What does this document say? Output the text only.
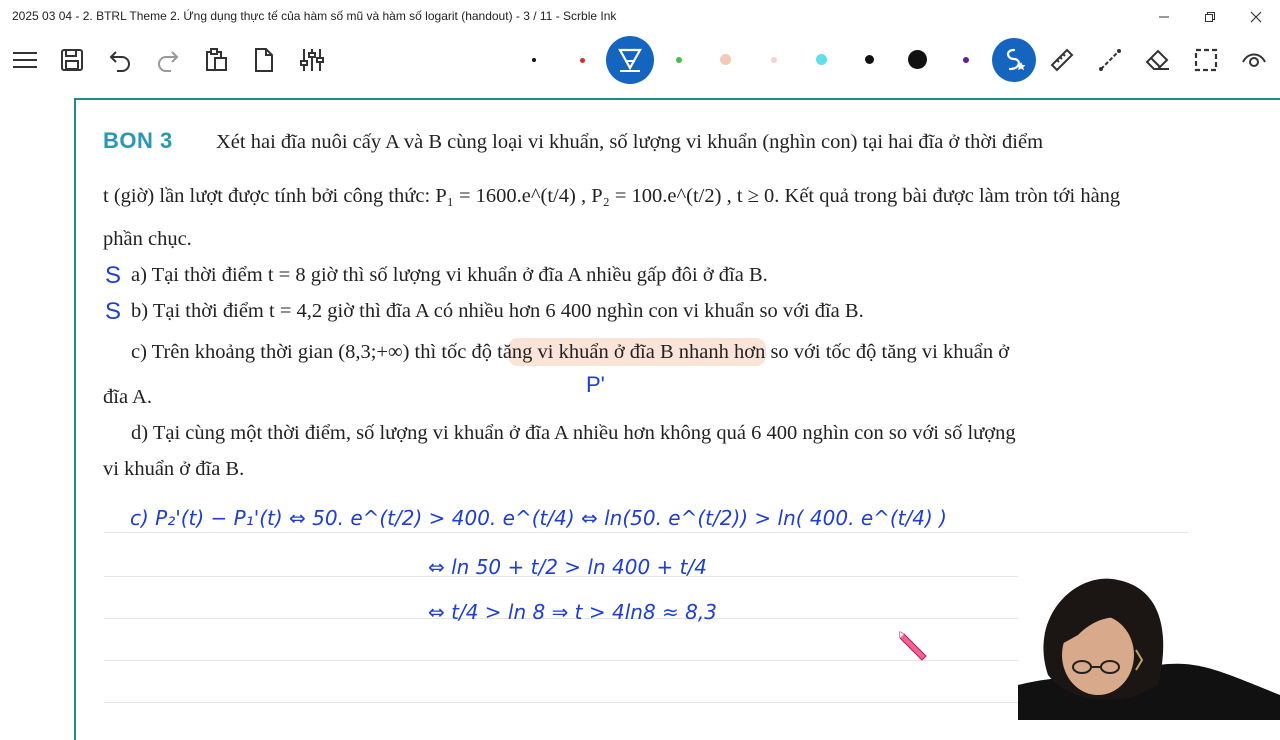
2025 03 04 - 2. BTRL Theme 2. Ứng dụng thực tế của hàm số mũ và hàm số logarit (handout) - 3 / 11 - Scrble Ink
BON 3 Xét hai đĩa nuôi cấy A và B cùng loại vi khuẩn, số lượng vi khuẩn (nghìn con) tại hai đĩa ở thời điểm
t (giờ) lần lượt được tính bởi công thức: P₁ = 1600.e^(t/4) , P₂ = 100.e^(t/2) , t ≥ 0. Kết quả trong bài được làm tròn tới hàng
phần chục.
S a) Tại thời điểm t = 8 giờ thì số lượng vi khuẩn ở đĩa A nhiều gấp đôi ở đĩa B.
S b) Tại thời điểm t = 4,2 giờ thì đĩa A có nhiều hơn 6 400 nghìn con vi khuẩn so với đĩa B.
c) Trên khoảng thời gian (8,3;+∞) thì tốc độ tăng vi khuẩn ở đĩa B nhanh hơn so với tốc độ tăng vi khuẩn ở
đĩa A.	P'
d) Tại cùng một thời điểm, số lượng vi khuẩn ở đĩa A nhiều hơn không quá 6 400 nghìn con so với số lượng
vi khuẩn ở đĩa B.
c) P₂'(t) − P₁'(t) ⇔ 50. e^(t/2) > 400. e^(t/4) ⇔ ln(50. e^(t/2)) > ln( 400. e^(t/4) )
⇔ ln 50 + t/2 > ln 400 + t/4
⇔ t/4 > ln 8 ⇒ t > 4ln8 ≈ 8,3
